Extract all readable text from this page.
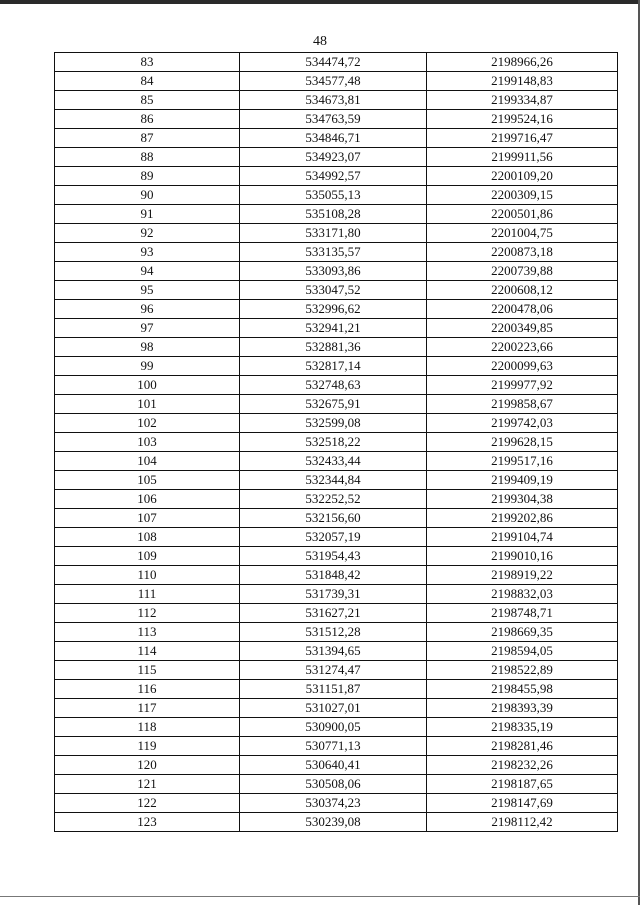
48
83	534474,72	2198966,26
84	534577,48	2199148,83
85	534673,81	2199334,87
86	534763,59	2199524,16
87	534846,71	2199716,47
88	534923,07	2199911,56
89	534992,57	2200109,20
90	535055,13	2200309,15
91	535108,28	2200501,86
92	533171,80	2201004,75
93	533135,57	2200873,18
94	533093,86	2200739,88
95	533047,52	2200608,12
96	532996,62	2200478,06
97	532941,21	2200349,85
98	532881,36	2200223,66
99	532817,14	2200099,63
100	532748,63	2199977,92
101	532675,91	2199858,67
102	532599,08	2199742,03
103	532518,22	2199628,15
104	532433,44	2199517,16
105	532344,84	2199409,19
106	532252,52	2199304,38
107	532156,60	2199202,86
108	532057,19	2199104,74
109	531954,43	2199010,16
110	531848,42	2198919,22
111	531739,31	2198832,03
112	531627,21	2198748,71
113	531512,28	2198669,35
114	531394,65	2198594,05
115	531274,47	2198522,89
116	531151,87	2198455,98
117	531027,01	2198393,39
118	530900,05	2198335,19
119	530771,13	2198281,46
120	530640,41	2198232,26
121	530508,06	2198187,65
122	530374,23	2198147,69
123	530239,08	2198112,42
